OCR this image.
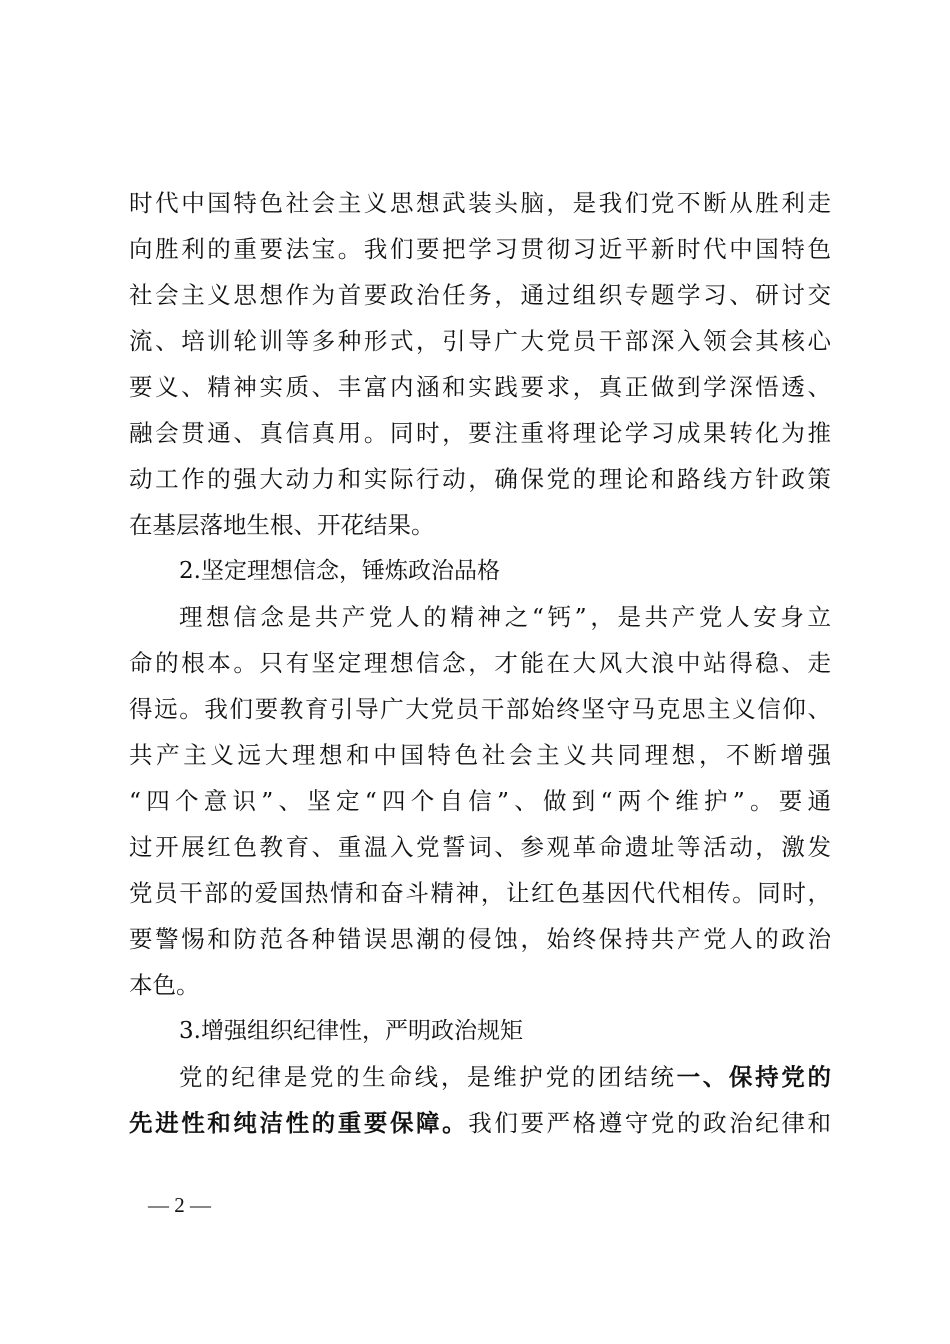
时代中国特色社会主义思想武装头脑，是我们党不断从胜利走
向胜利的重要法宝。我们要把学习贯彻习近平新时代中国特色
社会主义思想作为首要政治任务，通过组织专题学习、研讨交
流、培训轮训等多种形式，引导广大党员干部深入领会其核心
要义、精神实质、丰富内涵和实践要求，真正做到学深悟透、
融会贯通、真信真用。同时，要注重将理论学习成果转化为推
动工作的强大动力和实际行动，确保党的理论和路线方针政策
在基层落地生根、开花结果。
2.坚定理想信念，锤炼政治品格
理想信念是共产党人的精神之“钙”，是共产党人安身立
命的根本。只有坚定理想信念，才能在大风大浪中站得稳、走
得远。我们要教育引导广大党员干部始终坚守马克思主义信仰、
共产主义远大理想和中国特色社会主义共同理想，不断增强
“四个意识”、坚定“四个自信”、做到“两个维护”。要通
过开展红色教育、重温入党誓词、参观革命遗址等活动，激发
党员干部的爱国热情和奋斗精神，让红色基因代代相传。同时，
要警惕和防范各种错误思潮的侵蚀，始终保持共产党人的政治
本色。
3.增强组织纪律性，严明政治规矩
党的纪律是党的生命线，是维护党的团结统一、保持党的
先进性和纯洁性的重要保障。我们要严格遵守党的政治纪律和
— 2 —
